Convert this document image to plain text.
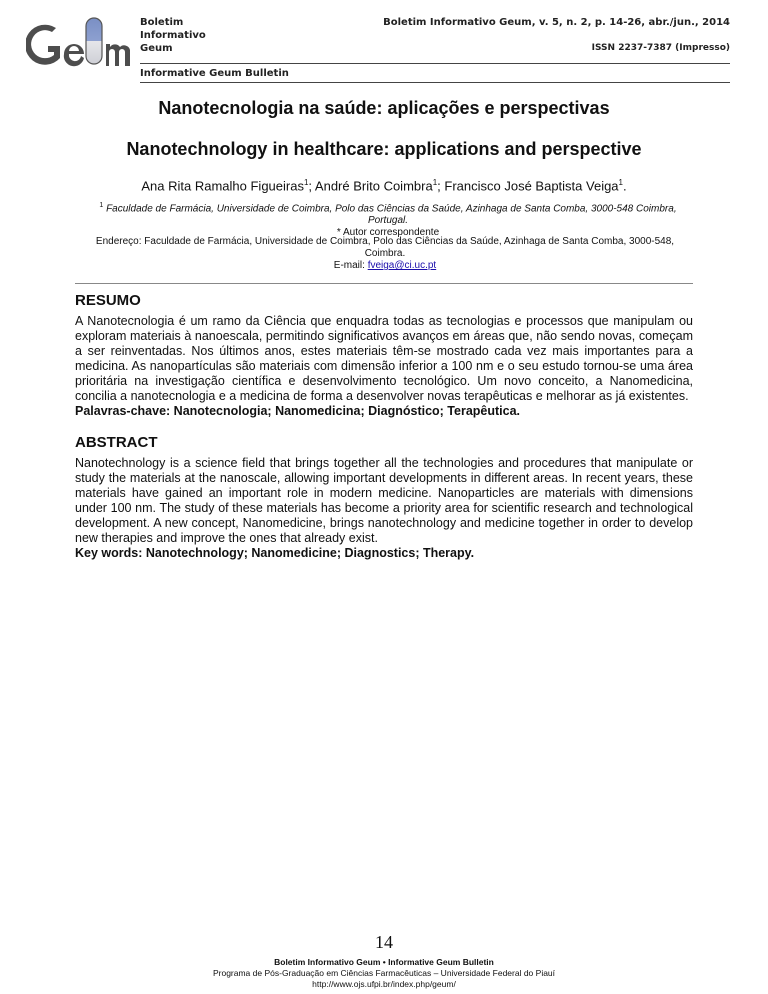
Boletim
Informativo
Geum
Informative Geum Bulletin
Boletim Informativo Geum, v. 5, n. 2, p. 14-26, abr./jun., 2014
ISSN 2237-7387 (Impresso)
Nanotecnologia na saúde: aplicações e perspectivas
Nanotechnology in healthcare: applications and perspective
Ana Rita Ramalho Figueiras$^1$; André Brito Coimbra$^1$; Francisco José Baptista Veiga$^1$.
$^1$ Faculdade de Farmácia, Universidade de Coimbra, Polo das Ciências da Saúde, Azinhaga de Santa Comba, 3000-548 Coimbra,
Portugal.
* Autor correspondente
Endereço: Faculdade de Farmácia, Universidade de Coimbra, Polo das Ciências da Saúde, Azinhaga de Santa Comba, 3000-548,
Coimbra.
E-mail: fveiga@ci.uc.pt
RESUMO

A Nanotecnologia é um ramo da Ciência que enquadra todas as tecnologias e processos que manipulam ou exploram materiais à nanoescala, permitindo significativos avanços em áreas que, não sendo novas, começam a ser reinventadas. Nos últimos anos, estes materiais têm-se mostrado cada vez mais importantes para a medicina. As nanopartículas são materiais com dimensão inferior a 100 nm e o seu estudo tornou-se uma área prioritária na investigação científica e desenvolvimento tecnológico. Um novo conceito, a Nanomedicina, concilia a nanotecnologia e a medicina de forma a desenvolver novas terapêuticas e melhorar as já existentes.

Palavras-chave: Nanotecnologia; Nanomedicina; Diagnóstico; Terapêutica.

ABSTRACT

Nanotechnology is a science field that brings together all the technologies and procedures that manipulate or study the materials at the nanoscale, allowing important developments in different areas. In recent years, these materials have gained an important role in modern medicine. Nanoparticles are materials with dimensions under 100 nm. The study of these materials has become a priority area for scientific research and technological development. A new concept, Nanomedicine, brings nanotechnology and medicine together in order to develop new therapies and improve the ones that already exist.

Key words: Nanotechnology; Nanomedicine; Diagnostics; Therapy.

14
Boletim Informativo Geum • Informative Geum Bulletin
Programa de Pós-Graduação em Ciências Farmacêuticas – Universidade Federal do Piauí
http://www.ojs.ufpi.br/index.php/geum/
